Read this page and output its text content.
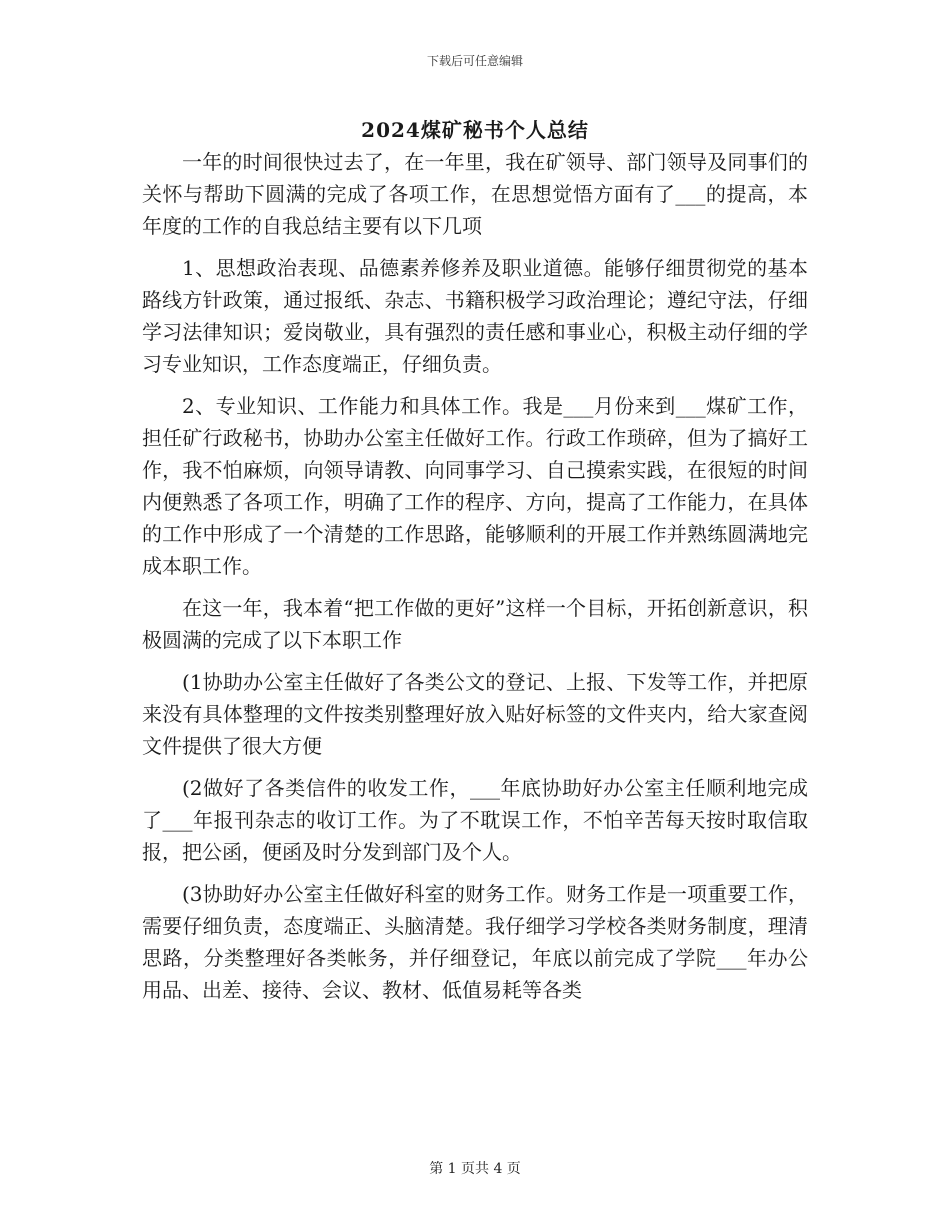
下载后可任意编辑
2024煤矿秘书个人总结

一年的时间很快过去了，在一年里，我在矿领导、部门领导及同事们的关怀与帮助下圆满的完成了各项工作，在思想觉悟方面有了___的提高，本年度的工作的自我总结主要有以下几项

1、思想政治表现、品德素养修养及职业道德。能够仔细贯彻党的基本路线方针政策，通过报纸、杂志、书籍积极学习政治理论；遵纪守法，仔细学习法律知识；爱岗敬业，具有强烈的责任感和事业心，积极主动仔细的学习专业知识，工作态度端正，仔细负责。

2、专业知识、工作能力和具体工作。我是___月份来到___煤矿工作，担任矿行政秘书，协助办公室主任做好工作。行政工作琐碎，但为了搞好工作，我不怕麻烦，向领导请教、向同事学习、自己摸索实践，在很短的时间内便熟悉了各项工作，明确了工作的程序、方向，提高了工作能力，在具体的工作中形成了一个清楚的工作思路，能够顺利的开展工作并熟练圆满地完成本职工作。

在这一年，我本着“把工作做的更好”这样一个目标，开拓创新意识，积极圆满的完成了以下本职工作

(1协助办公室主任做好了各类公文的登记、上报、下发等工作，并把原来没有具体整理的文件按类别整理好放入贴好标签的文件夹内，给大家查阅文件提供了很大方便

(2做好了各类信件的收发工作，___年底协助好办公室主任顺利地完成了___年报刊杂志的收订工作。为了不耽误工作，不怕辛苦每天按时取信取报，把公函，便函及时分发到部门及个人。

(3协助好办公室主任做好科室的财务工作。财务工作是一项重要工作，需要仔细负责，态度端正、头脑清楚。我仔细学习学校各类财务制度，理清思路，分类整理好各类帐务，并仔细登记，年底以前完成了学院___年办公用品、出差、接待、会议、教材、低值易耗等各类

第 1 页共 4 页
